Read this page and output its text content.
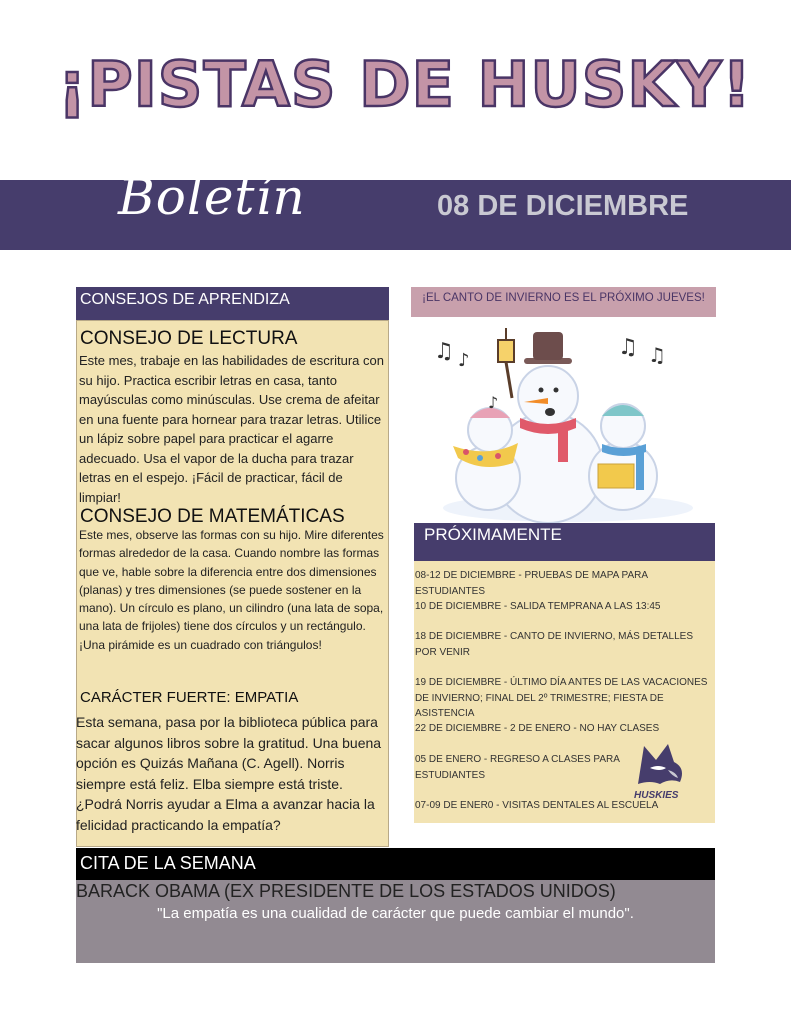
¡PISTAS DE HUSKY!
Boletín	08 DE DICIEMBRE
CONSEJOS DE APRENDIZA
CONSEJO DE LECTURA
Este mes, trabaje en las habilidades de escritura con su hijo. Practica escribir letras en casa, tanto mayúsculas como minúsculas. Use crema de afeitar en una fuente para hornear para trazar letras. Utilice un lápiz sobre papel para practicar el agarre adecuado. Usa el vapor de la ducha para trazar letras en el espejo. ¡Fácil de practicar, fácil de limpiar!
CONSEJO DE MATEMÁTICAS
Este mes, observe las formas con su hijo. Mire diferentes formas alrededor de la casa. Cuando nombre las formas que ve, hable sobre la diferencia entre dos dimensiones (planas) y tres dimensiones (se puede sostener en la mano). Un círculo es plano, un cilindro (una lata de sopa, una lata de frijoles) tiene dos círculos y un rectángulo. ¡Una pirámide es un cuadrado con triángulos!
CARÁCTER FUERTE: EMPATIA
Esta semana, pasa por la biblioteca pública para sacar algunos libros sobre la gratitud. Una buena opción es Quizás Mañana (C. Agell). Norris siempre está feliz. Elba siempre está triste. ¿Podrá Norris ayudar a Elma a avanzar hacia la felicidad practicando la empatía?
¡EL CANTO DE INVIERNO ES EL PRÓXIMO JUEVES!
♫ ♪
♫ ♫
♪
PRÓXIMAMENTE
08-12 DE DICIEMBRE - PRUEBAS DE MAPA PARA ESTUDIANTES
10 DE DICIEMBRE - SALIDA TEMPRANA A LAS 13:45
18 DE DICIEMBRE - CANTO DE INVIERNO, MÁS DETALLES POR VENIR
19 DE DICIEMBRE - ÚLTIMO DÍA ANTES DE LAS VACACIONES DE INVIERNO; FINAL DEL 2º TRIMESTRE; FIESTA DE ASISTENCIA
22 DE DICIEMBRE - 2 DE ENERO - NO HAY CLASES
05 DE ENERO - REGRESO A CLASES PARA ESTUDIANTES
07-09 DE ENER0 - VISITAS DENTALES AL ESCUELA
HUSKIES
CITA DE LA SEMANA
BARACK OBAMA (EX PRESIDENTE DE LOS ESTADOS UNIDOS)
"La empatía es una cualidad de carácter que puede cambiar el mundo".
